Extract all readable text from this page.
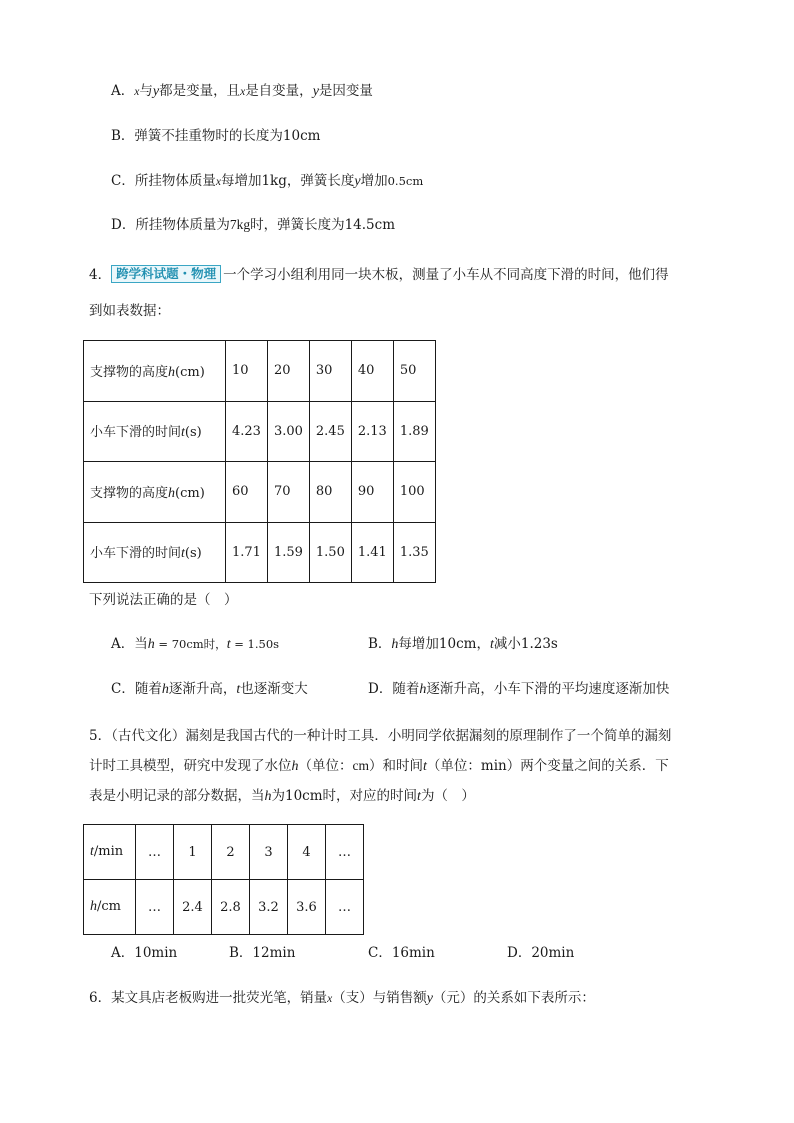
A．x与y都是变量，且x是自变量，y是因变量
B．弹簧不挂重物时的长度为10cm
C．所挂物体质量x每增加1kg，弹簧长度y增加0.5cm
D．所挂物体质量为7kg时，弹簧长度为14.5cm
4． 跨学科试题・物理 一个学习小组利用同一块木板，测量了小车从不同高度下滑的时间，他们得
到如表数据：
支撑物的高度h(cm)	10	20	30	40	50
小车下滑的时间t(s)	4.23	3.00	2.45	2.13	1.89
支撑物的高度h(cm)	60	70	80	90	100
小车下滑的时间t(s)	1.71	1.59	1.50	1.41	1.35
下列说法正确的是（　）
A．当h = 70cm时，t = 1.50s	B．h每增加10cm，t减小1.23s
C．随着h逐渐升高，t也逐渐变大	D．随着h逐渐升高，小车下滑的平均速度逐渐加快
5．（古代文化）漏刻是我国古代的一种计时工具．小明同学依据漏刻的原理制作了一个简单的漏刻
计时工具模型，研究中发现了水位h（单位：cm）和时间t（单位：min）两个变量之间的关系．下
表是小明记录的部分数据，当h为10cm时，对应的时间t为（　）
t/min	…	1	2	3	4	…
h/cm	…	2.4	2.8	3.2	3.6	…
A．10min	B．12min	C．16min	D．20min
6．某文具店老板购进一批荧光笔，销量x（支）与销售额y（元）的关系如下表所示：
